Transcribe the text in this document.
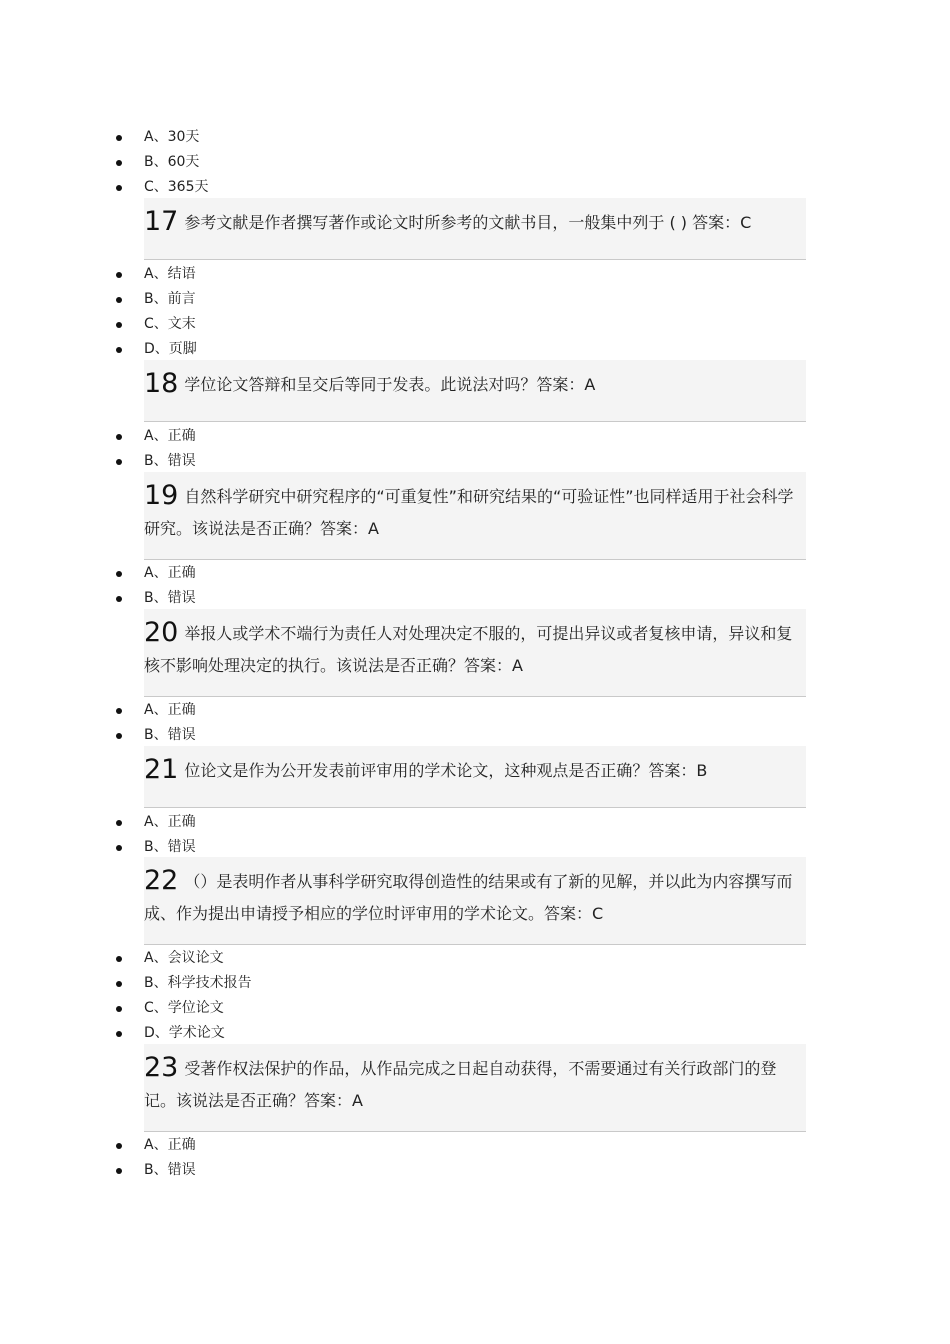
A、30天
B、60天
C、365天

17 参考文献是作者撰写著作或论文时所参考的文献书目，一般集中列于 ( ) 答案：C

A、结语
B、前言
C、文末
D、页脚

18 学位论文答辩和呈交后等同于发表。此说法对吗？答案：A

A、正确
B、错误

19 自然科学研究中研究程序的“可重复性”和研究结果的“可验证性”也同样适用于社会科学研究。该说法是否正确？答案：A

A、正确
B、错误

20 举报人或学术不端行为责任人对处理决定不服的，可提出异议或者复核申请，异议和复核不影响处理决定的执行。该说法是否正确？答案：A

A、正确
B、错误

21 位论文是作为公开发表前评审用的学术论文，这种观点是否正确？答案：B

A、正确
B、错误

22 （）是表明作者从事科学研究取得创造性的结果或有了新的见解，并以此为内容撰写而成、作为提出申请授予相应的学位时评审用的学术论文。答案：C

A、会议论文
B、科学技术报告
C、学位论文
D、学术论文

23 受著作权法保护的作品，从作品完成之日起自动获得，不需要通过有关行政部门的登记。该说法是否正确？答案：A

A、正确
B、错误
